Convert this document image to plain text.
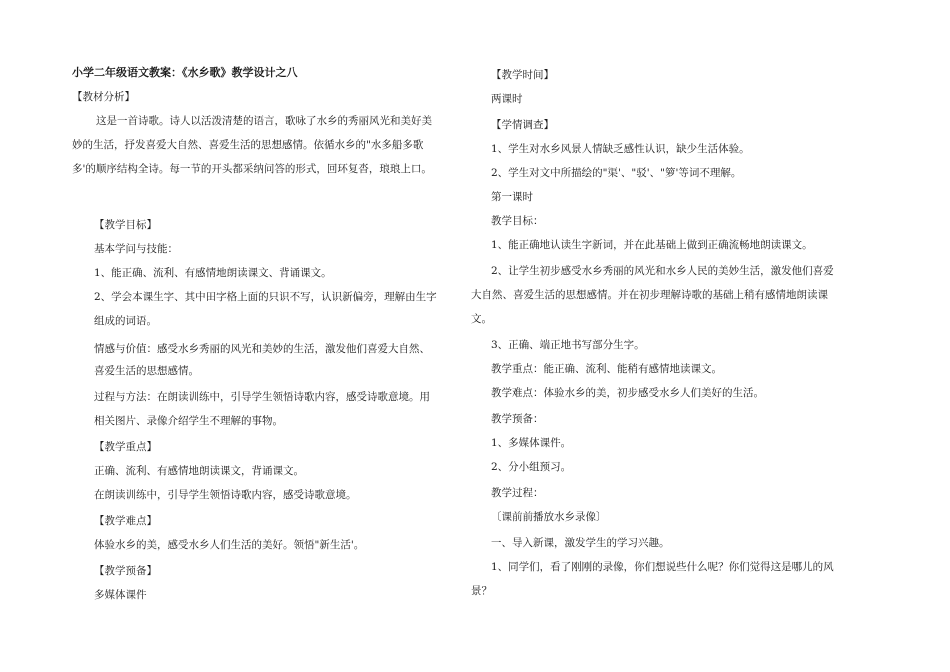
小学二年级语文教案：《水乡歌》教学设计之八
【教材分析】
这是一首诗歌。诗人以活泼清楚的语言，歌咏了水乡的秀丽风光和美好美
妙的生活，抒发喜爱大自然、喜爱生活的思想感情。依循水乡的"水多船多歌
多'的顺序结构全诗。每一节的开头都采纳问答的形式，回环复沓，琅琅上口。
【教学目标】
基本学问与技能：
1、能正确、流利、有感情地朗读课文、背诵课文。
2、学会本课生字、其中田字格上面的只识不写，认识新偏旁，理解由生字
组成的词语。
情感与价值：感受水乡秀丽的风光和美妙的生活，激发他们喜爱大自然、
喜爱生活的思想感情。
过程与方法：在朗读训练中，引导学生领悟诗歌内容，感受诗歌意境。用
相关图片、录像介绍学生不理解的事物。
【教学重点】
正确、流利、有感情地朗读课文，背诵课文。
在朗读训练中，引导学生领悟诗歌内容，感受诗歌意境。
【教学难点】
体验水乡的美，感受水乡人们生活的美好。领悟"新生活'。
【教学预备】
多媒体课件
【教学时间】
两课时
【学情调查】
1、学生对水乡风景人情缺乏感性认识，缺少生活体验。
2、学生对文中所描绘的"渠'、"驳'、"箩'等词不理解。
第一课时
教学目标：
1、能正确地认读生字新词，并在此基础上做到正确流畅地朗读课文。
2、让学生初步感受水乡秀丽的风光和水乡人民的美妙生活，激发他们喜爱
大自然、喜爱生活的思想感情。并在初步理解诗歌的基础上稍有感情地朗读课
文。
3、正确、端正地书写部分生字。
教学重点：能正确、流利、能稍有感情地读课文。
教学难点：体验水乡的美，初步感受水乡人们美好的生活。
教学预备：
1、多媒体课件。
2、分小组预习。
教学过程：
〔课前前播放水乡录像〕
一、导入新课，激发学生的学习兴趣。
1、同学们，看了刚刚的录像，你们想说些什么呢？你们觉得这是哪儿的风
景？
